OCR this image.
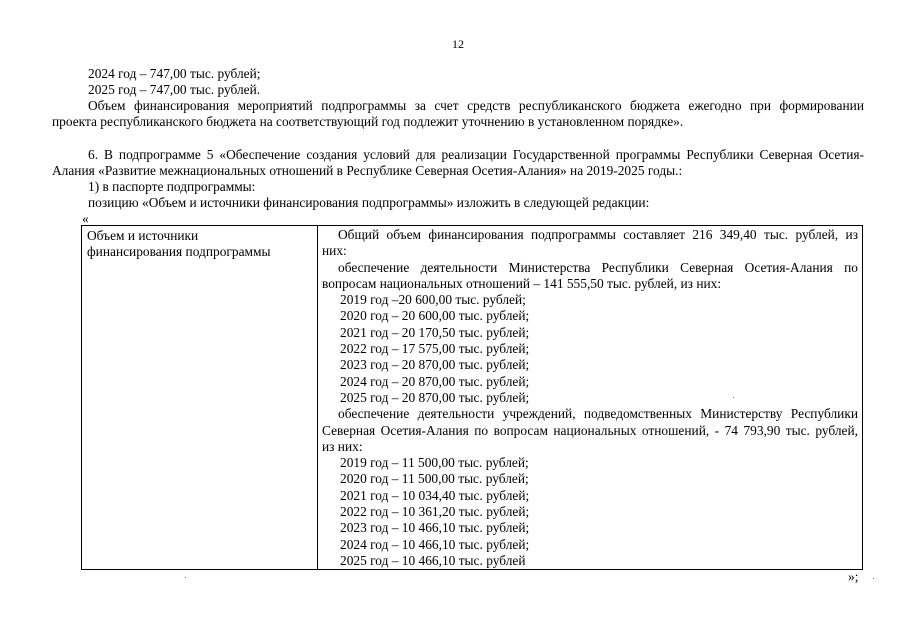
12
2024 год – 747,00 тыс. рублей;
2025 год – 747,00 тыс. рублей.
Объем финансирования мероприятий подпрограммы за счет средств республиканского бюджета ежегодно при формировании
проекта республиканского бюджета на соответствующий год подлежит уточнению в установленном порядке».
6. В подпрограмме 5 «Обеспечение создания условий для реализации Государственной программы Республики Северная Осетия-
Алания «Развитие межнациональных отношений в Республике Северная Осетия-Алания» на 2019-2025 годы.:
1) в паспорте подпрограммы:
позицию «Объем и источники финансирования подпрограммы» изложить в следующей редакции:
«
Объем и источники
финансирования подпрограммы

Общий объем финансирования подпрограммы составляет 216 349,40 тыс. рублей, из
них:
обеспечение деятельности Министерства Республики Северная Осетия-Алания по
вопросам национальных отношений – 141 555,50 тыс. рублей, из них:
2019 год –20 600,00 тыс. рублей;
2020 год – 20 600,00 тыс. рублей;
2021 год – 20 170,50 тыс. рублей;
2022 год – 17 575,00 тыс. рублей;
2023 год – 20 870,00 тыс. рублей;
2024 год – 20 870,00 тыс. рублей;
2025 год – 20 870,00 тыс. рублей;
обеспечение деятельности учреждений, подведомственных Министерству Республики
Северная Осетия-Алания по вопросам национальных отношений, - 74 793,90 тыс. рублей,
из них:
2019 год – 11 500,00 тыс. рублей;
2020 год – 11 500,00 тыс. рублей;
2021 год – 10 034,40 тыс. рублей;
2022 год – 10 361,20 тыс. рублей;
2023 год – 10 466,10 тыс. рублей;
2024 год – 10 466,10 тыс. рублей;
2025 год – 10 466,10 тыс. рублей
»;
